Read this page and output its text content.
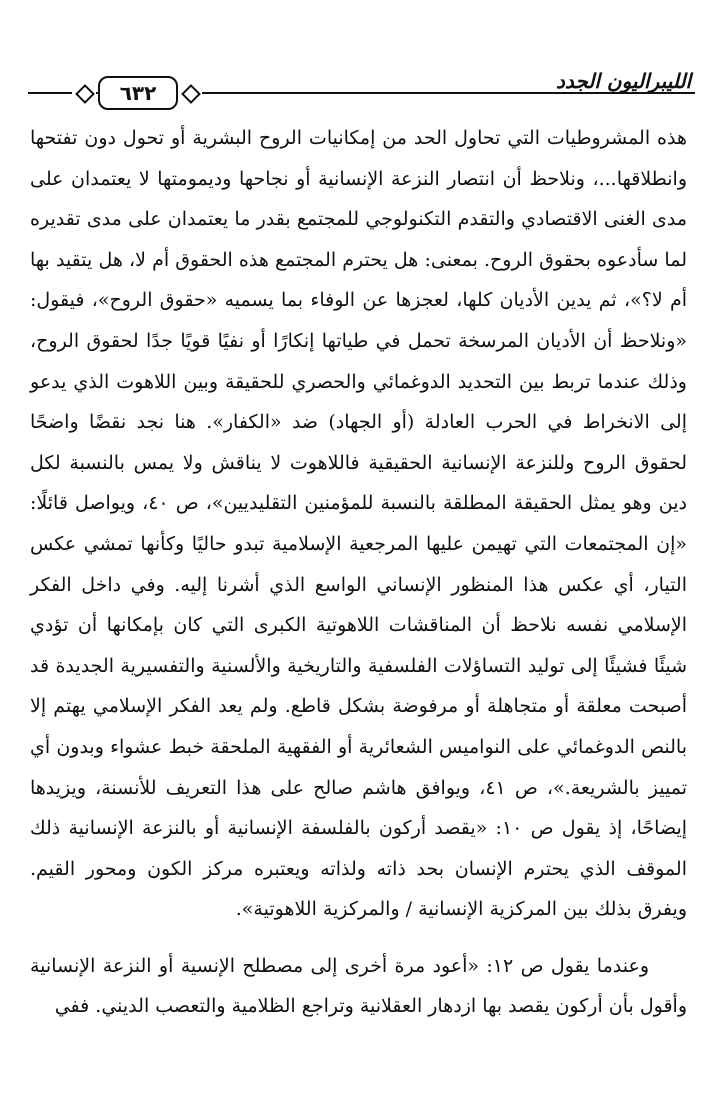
الليبراليون الجدد
٦٣٢

هذه المشروطيات التي تحاول الحد من إمكانيات الروح البشرية أو تحول دون تفتحها وانطلاقها...، ونلاحظ أن انتصار النزعة الإنسانية أو نجاحها وديمومتها لا يعتمدان على مدى الغنى الاقتصادي والتقدم التكنولوجي للمجتمع بقدر ما يعتمدان على مدى تقديره لما سأدعوه بحقوق الروح. بمعنى: هل يحترم المجتمع هذه الحقوق أم لا، هل يتقيد بها أم لا؟»، ثم يدين الأديان كلها، لعجزها عن الوفاء بما يسميه «حقوق الروح»، فيقول: «ونلاحظ أن الأديان المرسخة تحمل في طياتها إنكارًا أو نفيًا قويًا جدًا لحقوق الروح، وذلك عندما تربط بين التحديد الدوغمائي والحصري للحقيقة وبين اللاهوت الذي يدعو إلى الانخراط في الحرب العادلة (أو الجهاد) ضد «الكفار». هنا نجد نقضًا واضحًا لحقوق الروح وللنزعة الإنسانية الحقيقية فاللاهوت لا يناقش ولا يمس بالنسبة لكل دين وهو يمثل الحقيقة المطلقة بالنسبة للمؤمنين التقليديين»، ص ٤٠، ويواصل قائلًا: «إن المجتمعات التي تهيمن عليها المرجعية الإسلامية تبدو حاليًا وكأنها تمشي عكس التيار، أي عكس هذا المنظور الإنساني الواسع الذي أشرنا إليه. وفي داخل الفكر الإسلامي نفسه نلاحظ أن المناقشات اللاهوتية الكبرى التي كان بإمكانها أن تؤدي شيئًا فشيئًا إلى توليد التساؤلات الفلسفية والتاريخية والألسنية والتفسيرية الجديدة قد أصبحت معلقة أو متجاهلة أو مرفوضة بشكل قاطع. ولم يعد الفكر الإسلامي يهتم إلا بالنص الدوغمائي على النواميس الشعائرية أو الفقهية الملحقة خبط عشواء وبدون أي تمييز بالشريعة.»، ص ٤١، ويوافق هاشم صالح على هذا التعريف للأنسنة، ويزيدها إيضاحًا، إذ يقول ص ١٠: «يقصد أركون بالفلسفة الإنسانية أو بالنزعة الإنسانية ذلك الموقف الذي يحترم الإنسان بحد ذاته ولذاته ويعتبره مركز الكون ومحور القيم. ويفرق بذلك بين المركزية الإنسانية / والمركزية اللاهوتية».

وعندما يقول ص ١٢: «أعود مرة أخرى إلى مصطلح الإنسية أو النزعة الإنسانية وأقول بأن أركون يقصد بها ازدهار العقلانية وتراجع الظلامية والتعصب الديني. ففي
